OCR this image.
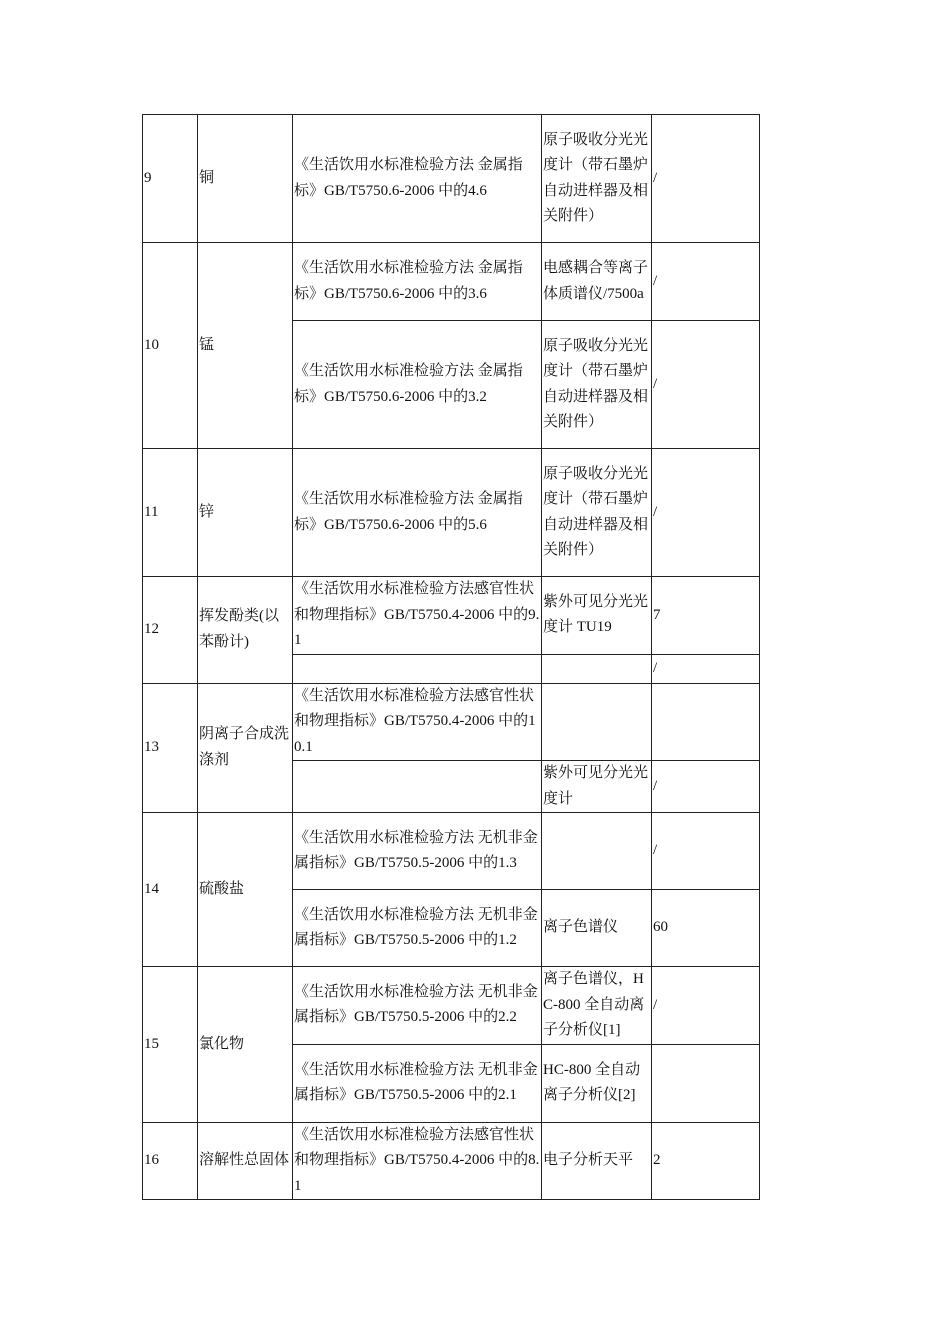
9	铜	《生活饮用水标准检验方法 金属指标》GB/T5750.6-2006 中的4.6	原子吸收分光光度计（带石墨炉自动进样器及相关附件）	/
10	锰	《生活饮用水标准检验方法 金属指标》GB/T5750.6-2006 中的3.6	电感耦合等离子体质谱仪/7500a	/
		《生活饮用水标准检验方法 金属指标》GB/T5750.6-2006 中的3.2	原子吸收分光光度计（带石墨炉自动进样器及相关附件）	/
11	锌	《生活饮用水标准检验方法 金属指标》GB/T5750.6-2006 中的5.6	原子吸收分光光度计（带石墨炉自动进样器及相关附件）	/
12	挥发酚类(以苯酚计)	《生活饮用水标准检验方法感官性状和物理指标》GB/T5750.4-2006 中的9.1	紫外可见分光光度计 TU19	7
				/
13	阴离子合成洗涤剂	《生活饮用水标准检验方法感官性状和物理指标》GB/T5750.4-2006 中的10.1		
			紫外可见分光光度计	/
14	硫酸盐	《生活饮用水标准检验方法 无机非金属指标》GB/T5750.5-2006 中的1.3		/
		《生活饮用水标准检验方法 无机非金属指标》GB/T5750.5-2006 中的1.2	离子色谱仪	60
15	氯化物	《生活饮用水标准检验方法 无机非金属指标》GB/T5750.5-2006 中的2.2	离子色谱仪，HC-800 全自动离子分析仪[1]	/
		《生活饮用水标准检验方法 无机非金属指标》GB/T5750.5-2006 中的2.1	HC-800 全自动离子分析仪[2]	
16	溶解性总固体	《生活饮用水标准检验方法感官性状和物理指标》GB/T5750.4-2006 中的8.1	电子分析天平	2
